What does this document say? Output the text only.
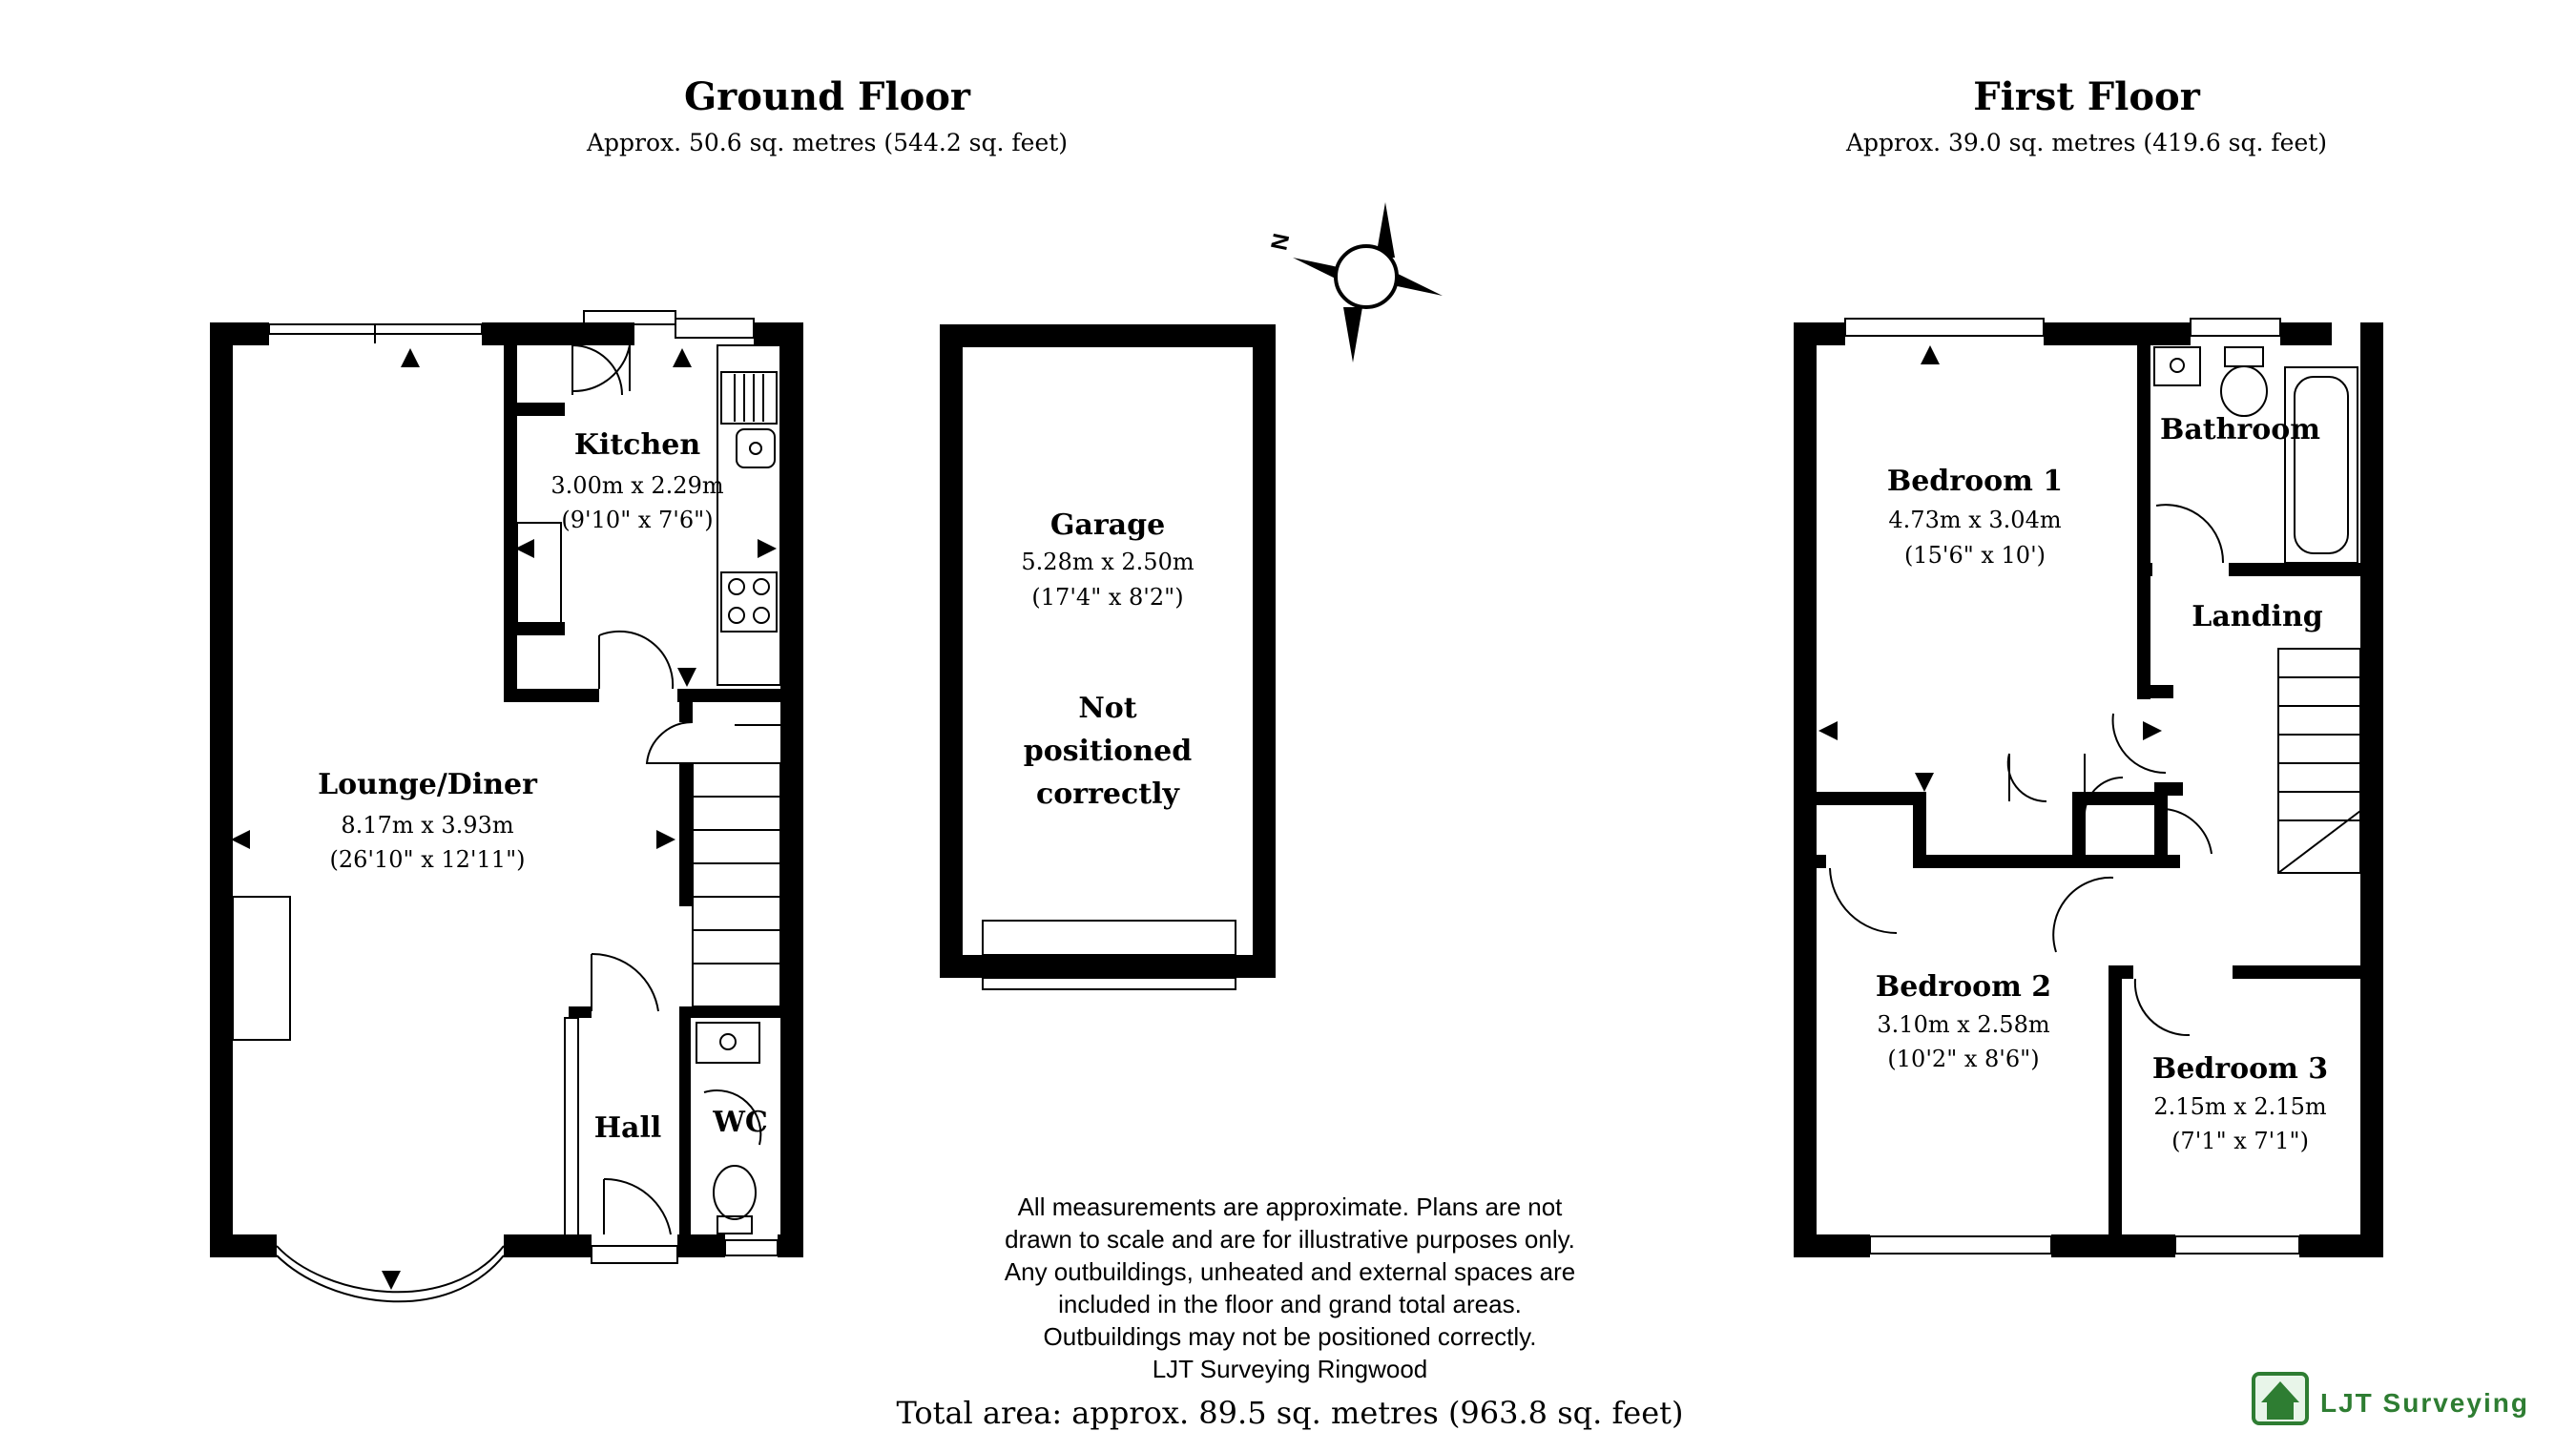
Ground Floor
Approx. 50.6 sq. metres (544.2 sq. feet)
First Floor
Approx. 39.0 sq. metres (419.6 sq. feet)
N
Kitchen
3.00m x 2.29m
(9'10" x 7'6")
Lounge/Diner
8.17m x 3.93m
(26'10" x 12'11")
Hall WC
Garage
5.28m x 2.50m
(17'4" x 8'2")
Not
positioned
correctly
Bedroom 1
4.73m x 3.04m
(15'6" x 10')
Bathroom
Landing
Bedroom 2
3.10m x 2.58m
(10'2" x 8'6")	Bedroom 3
2.15m x 2.15m
(7'1" x 7'1")
All measurements are approximate. Plans are not
drawn to scale and are for illustrative purposes only.
Any outbuildings, unheated and external spaces are
included in the floor and grand total areas.
Outbuildings may not be positioned correctly.
LJT Surveying Ringwood
Total area: approx. 89.5 sq. metres (963.8 sq. feet)	LJT Surveying
